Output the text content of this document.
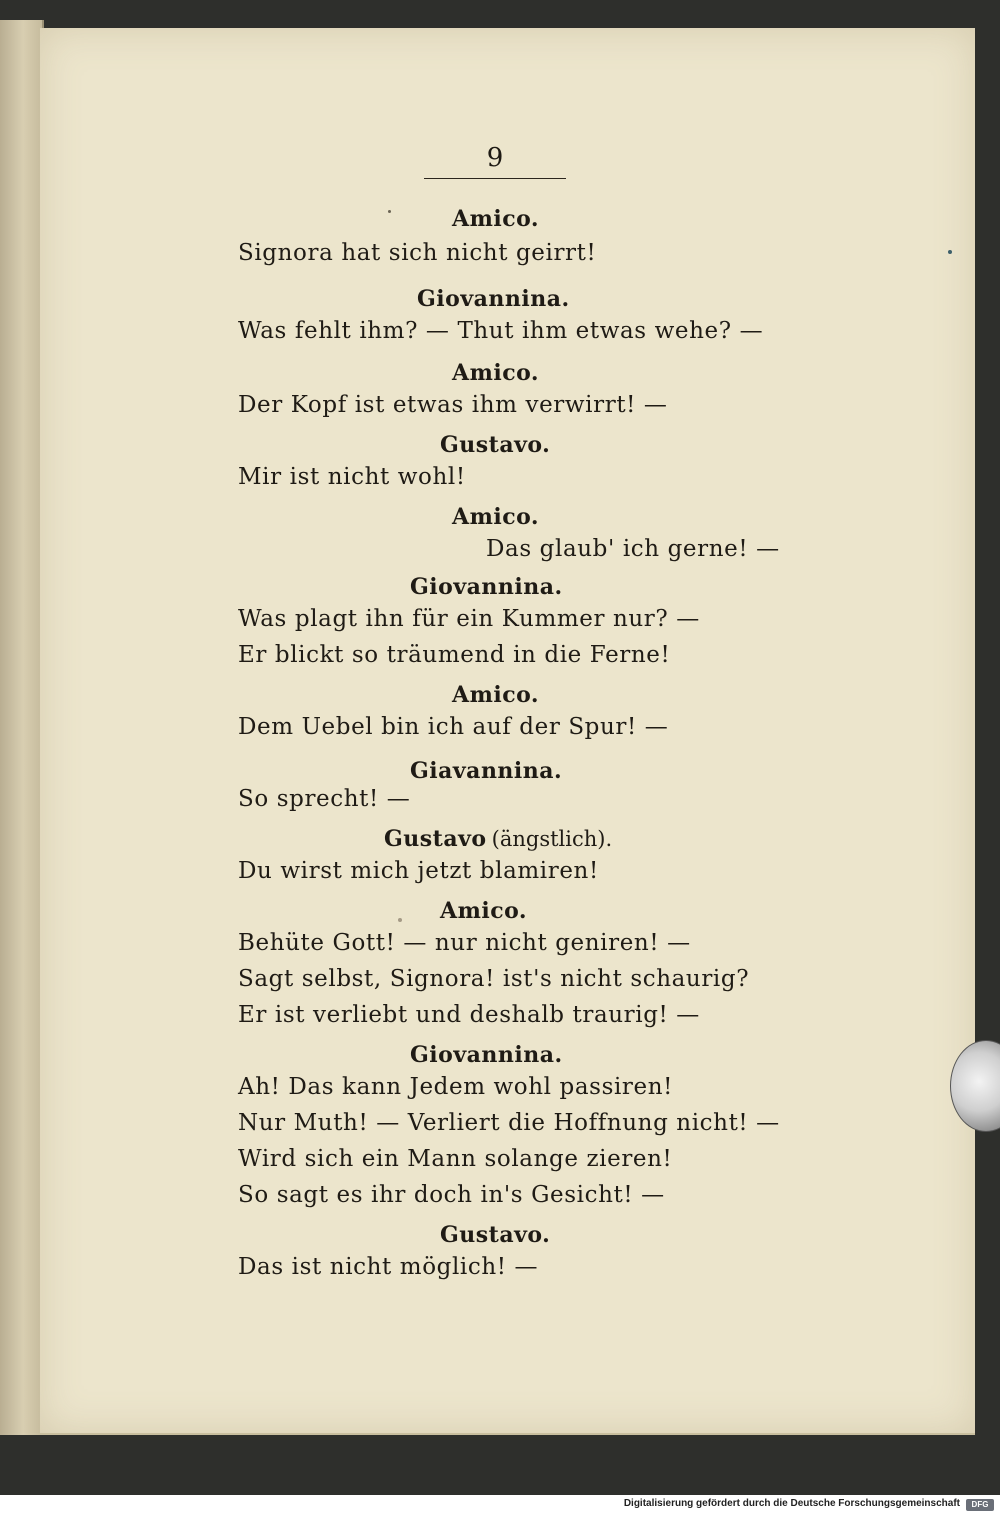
9
Amico.
Signora hat sich nicht geirrt!
Giovannina.
Was fehlt ihm? — Thut ihm etwas wehe? —
Amico.
Der Kopf ist etwas ihm verwirrt! —
Gustavo.
Mir ist nicht wohl!
Amico.
Das glaub' ich gerne! —
Giovannina.
Was plagt ihn für ein Kummer nur? —
Er blickt so träumend in die Ferne!
Amico.
Dem Uebel bin ich auf der Spur! —
Giavannina.
So sprecht! —
Gustavo (ängstlich).
Du wirst mich jetzt blamiren!
Amico.
Behüte Gott! — nur nicht geniren! —
Sagt selbst, Signora! ist's nicht schaurig?
Er ist verliebt und deshalb traurig! —
Giovannina.
Ah! Das kann Jedem wohl passiren!
Nur Muth! — Verliert die Hoffnung nicht! —
Wird sich ein Mann solange zieren!
So sagt es ihr doch in's Gesicht! —
Gustavo.
Das ist nicht möglich! —
Digitalisierung gefördert durch die Deutsche Forschungsgemeinschaft	DFG
